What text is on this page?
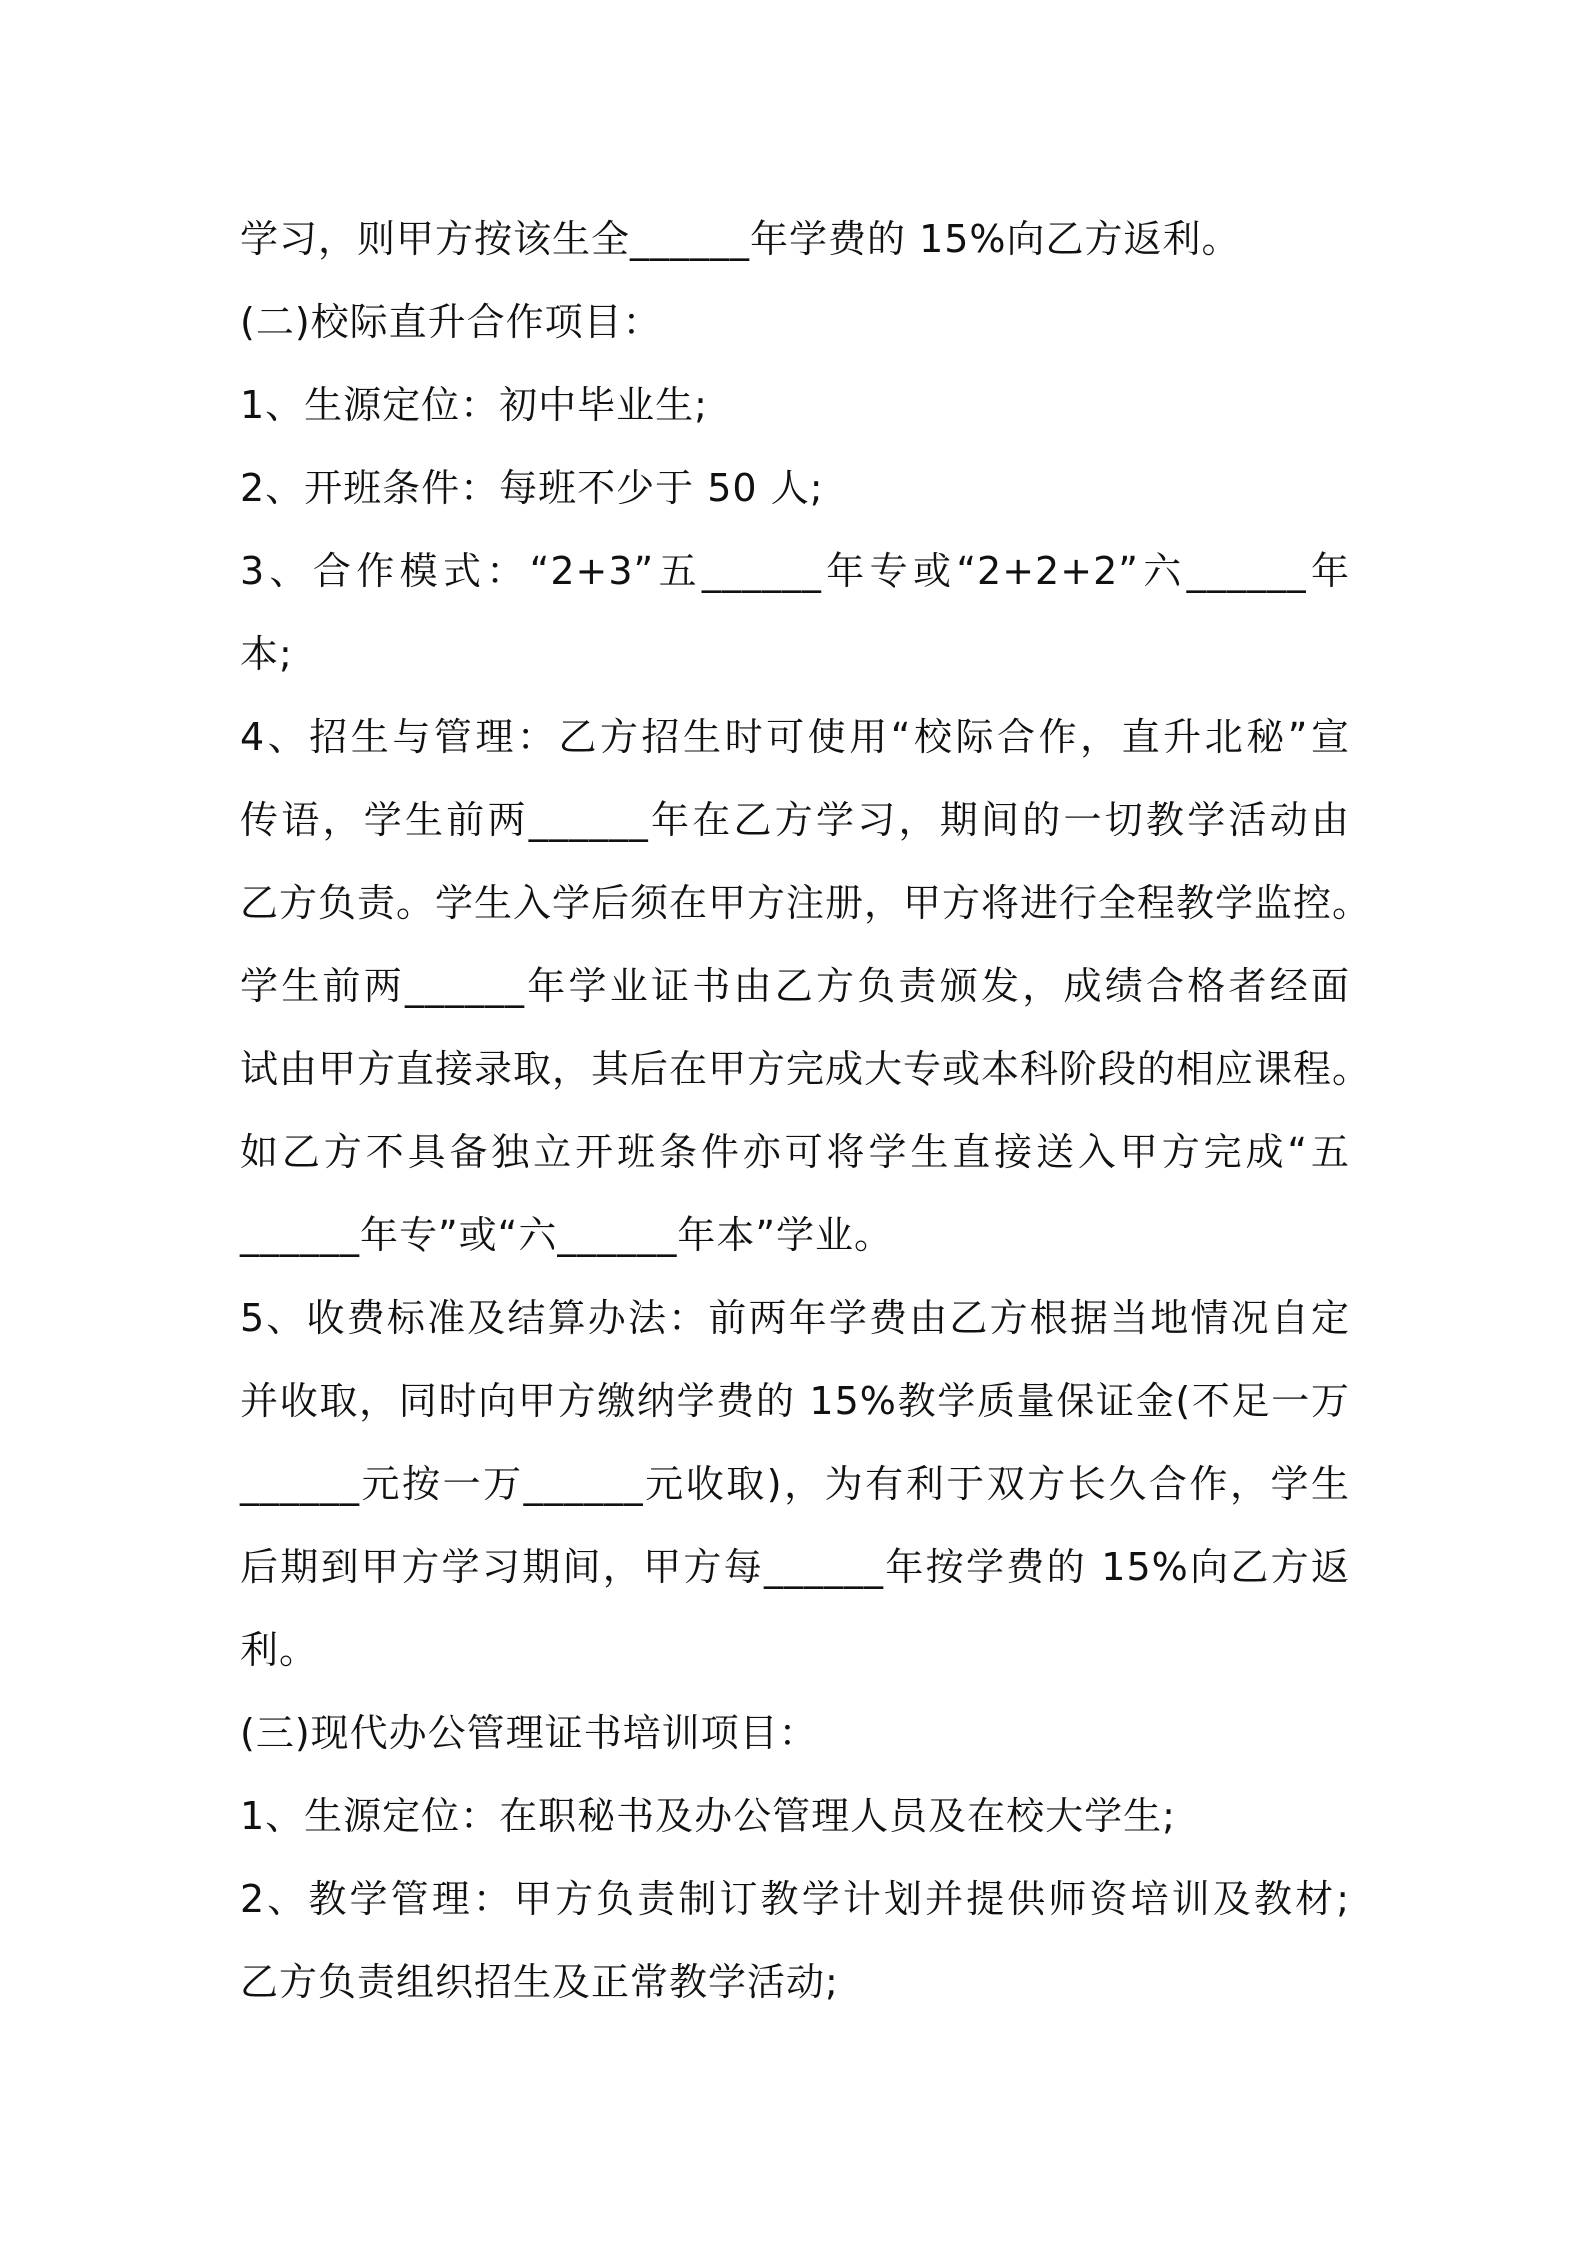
学习，则甲方按该生全______年学费的 15%向乙方返利。
(二)校际直升合作项目：
1、生源定位：初中毕业生;
2、开班条件：每班不少于 50 人;
3、合作模式：“2+3”五______年专或“2+2+2”六______年
本;
4、招生与管理：乙方招生时可使用“校际合作，直升北秘”宣
传语，学生前两______年在乙方学习，期间的一切教学活动由
乙方负责。学生入学后须在甲方注册，甲方将进行全程教学监控。
学生前两______年学业证书由乙方负责颁发，成绩合格者经面
试由甲方直接录取，其后在甲方完成大专或本科阶段的相应课程。
如乙方不具备独立开班条件亦可将学生直接送入甲方完成“五
______年专”或“六______年本”学业。
5、收费标准及结算办法：前两年学费由乙方根据当地情况自定
并收取，同时向甲方缴纳学费的 15%教学质量保证金(不足一万
______元按一万______元收取)，为有利于双方长久合作，学生
后期到甲方学习期间，甲方每______年按学费的 15%向乙方返
利。
(三)现代办公管理证书培训项目：
1、生源定位：在职秘书及办公管理人员及在校大学生;
2、教学管理：甲方负责制订教学计划并提供师资培训及教材;
乙方负责组织招生及正常教学活动;
